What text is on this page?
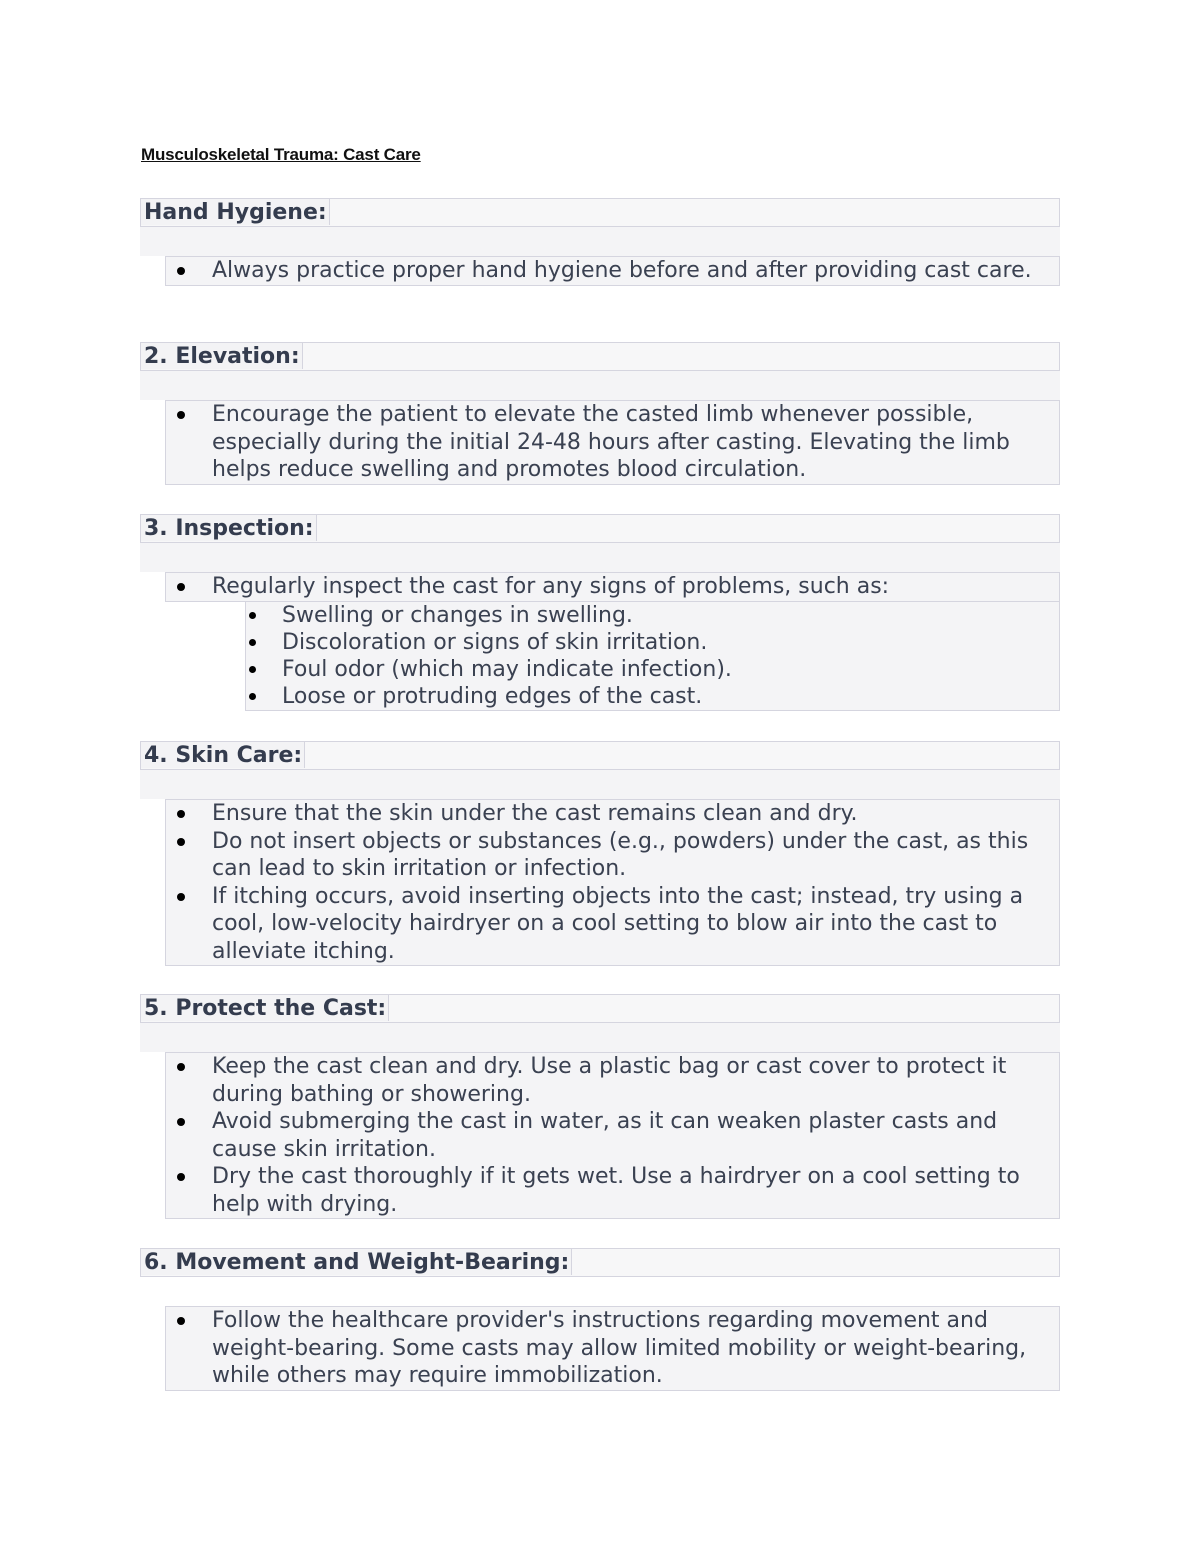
Musculoskeletal Trauma: Cast Care
Hand Hygiene:
Always practice proper hand hygiene before and after providing cast care.
2. Elevation:
Encourage the patient to elevate the casted limb whenever possible, especially during the initial 24-48 hours after casting. Elevating the limb helps reduce swelling and promotes blood circulation.
3. Inspection:
Regularly inspect the cast for any signs of problems, such as:
Swelling or changes in swelling.
Discoloration or signs of skin irritation.
Foul odor (which may indicate infection).
Loose or protruding edges of the cast.
4. Skin Care:
Ensure that the skin under the cast remains clean and dry.
Do not insert objects or substances (e.g., powders) under the cast, as this can lead to skin irritation or infection.
If itching occurs, avoid inserting objects into the cast; instead, try using a cool, low-velocity hairdryer on a cool setting to blow air into the cast to alleviate itching.
5. Protect the Cast:
Keep the cast clean and dry. Use a plastic bag or cast cover to protect it during bathing or showering.
Avoid submerging the cast in water, as it can weaken plaster casts and cause skin irritation.
Dry the cast thoroughly if it gets wet. Use a hairdryer on a cool setting to help with drying.
6. Movement and Weight-Bearing:
Follow the healthcare provider's instructions regarding movement and weight-bearing. Some casts may allow limited mobility or weight-bearing, while others may require immobilization.
